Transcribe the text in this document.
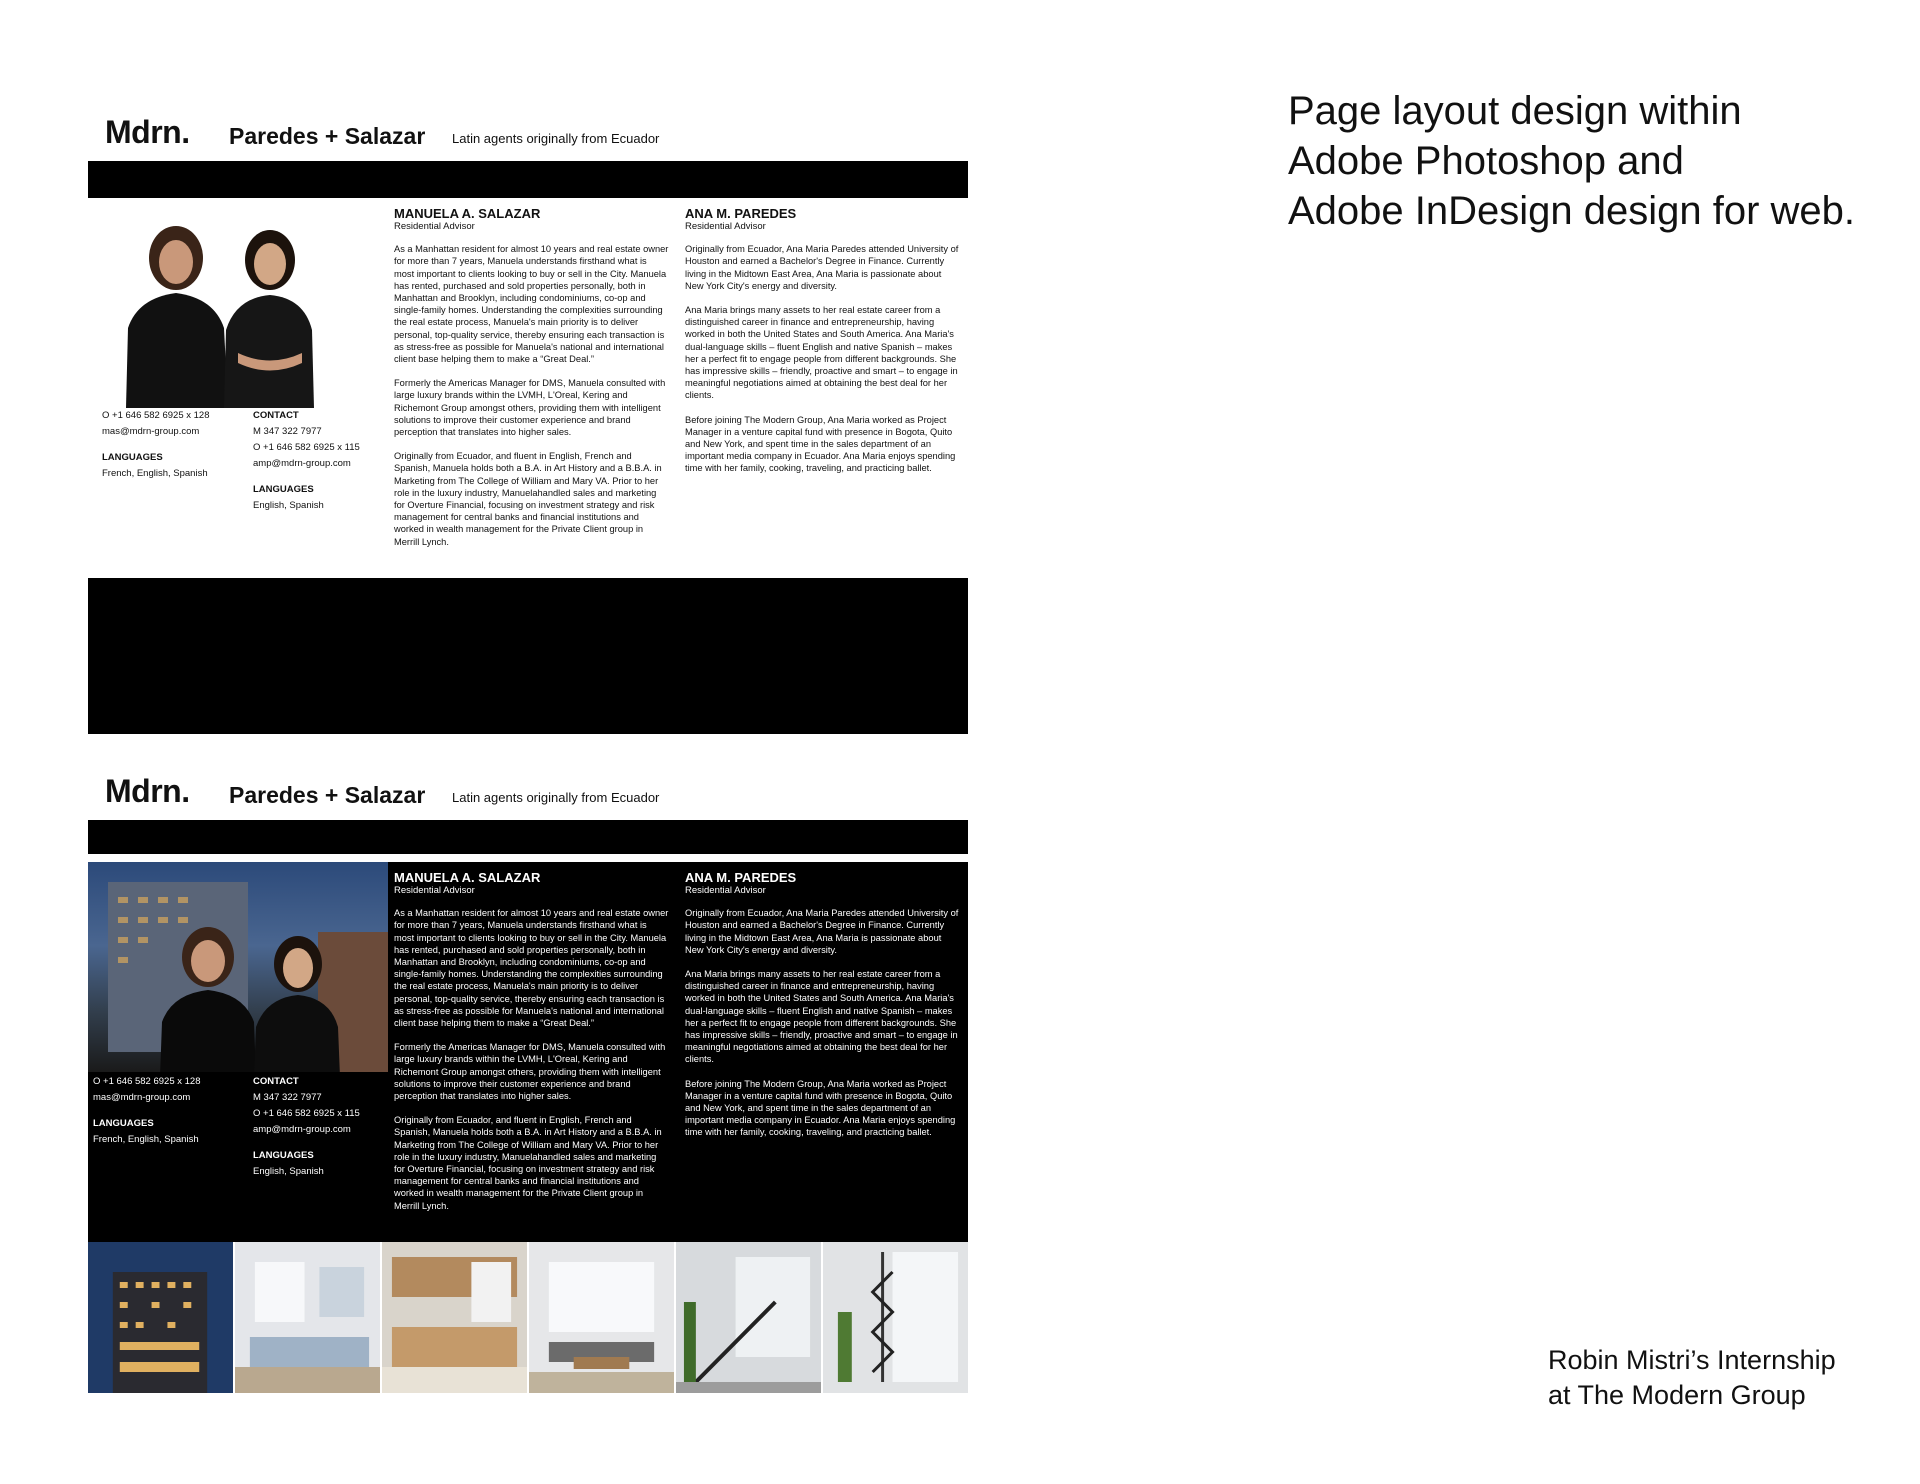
Page layout design within
Adobe Photoshop and
Adobe InDesign design for web.
Robin Mistri’s Internship
at The Modern Group
Mdrn. Paredes + Salazar Latin agents originally from Ecuador
O +1 646 582 6925 x 128
mas@mdrn-group.com
LANGUAGES
French, English, Spanish
CONTACT
M 347 322 7977
O +1 646 582 6925 x 115
amp@mdrn-group.com
LANGUAGES
English, Spanish
MANUELA A. SALAZAR
Residential Advisor

As a Manhattan resident for almost 10 years and real estate owner for more than 7 years, Manuela understands firsthand what is most important to clients looking to buy or sell in the City. Manuela has rented, purchased and sold properties personally, both in Manhattan and Brooklyn, including condominiums, co-op and single-family homes. Understanding the complexities surrounding the real estate process, Manuela's main priority is to deliver personal, top-quality service, thereby ensuring each transaction is as stress-free as possible for Manuela's national and international client base helping them to make a “Great Deal.”

Formerly the Americas Manager for DMS, Manuela consulted with large luxury brands within the LVMH, L'Oreal, Kering and Richemont Group amongst others, providing them with intelligent solutions to improve their customer experience and brand perception that translates into higher sales.

Originally from Ecuador, and fluent in English, French and Spanish, Manuela holds both a B.A. in Art History and a B.B.A. in Marketing from The College of William and Mary VA. Prior to her role in the luxury industry, Manuelahandled sales and marketing for Overture Financial, focusing on investment strategy and risk management for central banks and financial institutions and worked in wealth management for the Private Client group in Merrill Lynch.

ANA M. PAREDES
Residential Advisor

Originally from Ecuador, Ana Maria Paredes attended University of Houston and earned a Bachelor's Degree in Finance. Currently living in the Midtown East Area, Ana Maria is passionate about New York City's energy and diversity.

Ana Maria brings many assets to her real estate career from a distinguished career in finance and entrepreneurship, having worked in both the United States and South America. Ana Maria's dual-language skills – fluent English and native Spanish – makes her a perfect fit to engage people from different backgrounds. She has impressive skills – friendly, proactive and smart – to engage in meaningful negotiations aimed at obtaining the best deal for her clients.

Before joining The Modern Group, Ana Maria worked as Project Manager in a venture capital fund with presence in Bogota, Quito and New York, and spent time in the sales department of an important media company in Ecuador. Ana Maria enjoys spending time with her family, cooking, traveling, and practicing ballet.

Mdrn. Paredes + Salazar Latin agents originally from Ecuador
O +1 646 582 6925 x 128
mas@mdrn-group.com
LANGUAGES
French, English, Spanish
CONTACT
M 347 322 7977
O +1 646 582 6925 x 115
amp@mdrn-group.com
LANGUAGES
English, Spanish
MANUELA A. SALAZAR
Residential Advisor

As a Manhattan resident for almost 10 years and real estate owner for more than 7 years, Manuela understands firsthand what is most important to clients looking to buy or sell in the City. Manuela has rented, purchased and sold properties personally, both in Manhattan and Brooklyn, including condominiums, co-op and single-family homes. Understanding the complexities surrounding the real estate process, Manuela's main priority is to deliver personal, top-quality service, thereby ensuring each transaction is as stress-free as possible for Manuela's national and international client base helping them to make a “Great Deal.”

Formerly the Americas Manager for DMS, Manuela consulted with large luxury brands within the LVMH, L'Oreal, Kering and Richemont Group amongst others, providing them with intelligent solutions to improve their customer experience and brand perception that translates into higher sales.

Originally from Ecuador, and fluent in English, French and Spanish, Manuela holds both a B.A. in Art History and a B.B.A. in Marketing from The College of William and Mary VA. Prior to her role in the luxury industry, Manuelahandled sales and marketing for Overture Financial, focusing on investment strategy and risk management for central banks and financial institutions and worked in wealth management for the Private Client group in Merrill Lynch.

ANA M. PAREDES
Residential Advisor

Originally from Ecuador, Ana Maria Paredes attended University of Houston and earned a Bachelor's Degree in Finance. Currently living in the Midtown East Area, Ana Maria is passionate about New York City's energy and diversity.

Ana Maria brings many assets to her real estate career from a distinguished career in finance and entrepreneurship, having worked in both the United States and South America. Ana Maria's dual-language skills – fluent English and native Spanish – makes her a perfect fit to engage people from different backgrounds. She has impressive skills – friendly, proactive and smart – to engage in meaningful negotiations aimed at obtaining the best deal for her clients.

Before joining The Modern Group, Ana Maria worked as Project Manager in a venture capital fund with presence in Bogota, Quito and New York, and spent time in the sales department of an important media company in Ecuador. Ana Maria enjoys spending time with her family, cooking, traveling, and practicing ballet.
